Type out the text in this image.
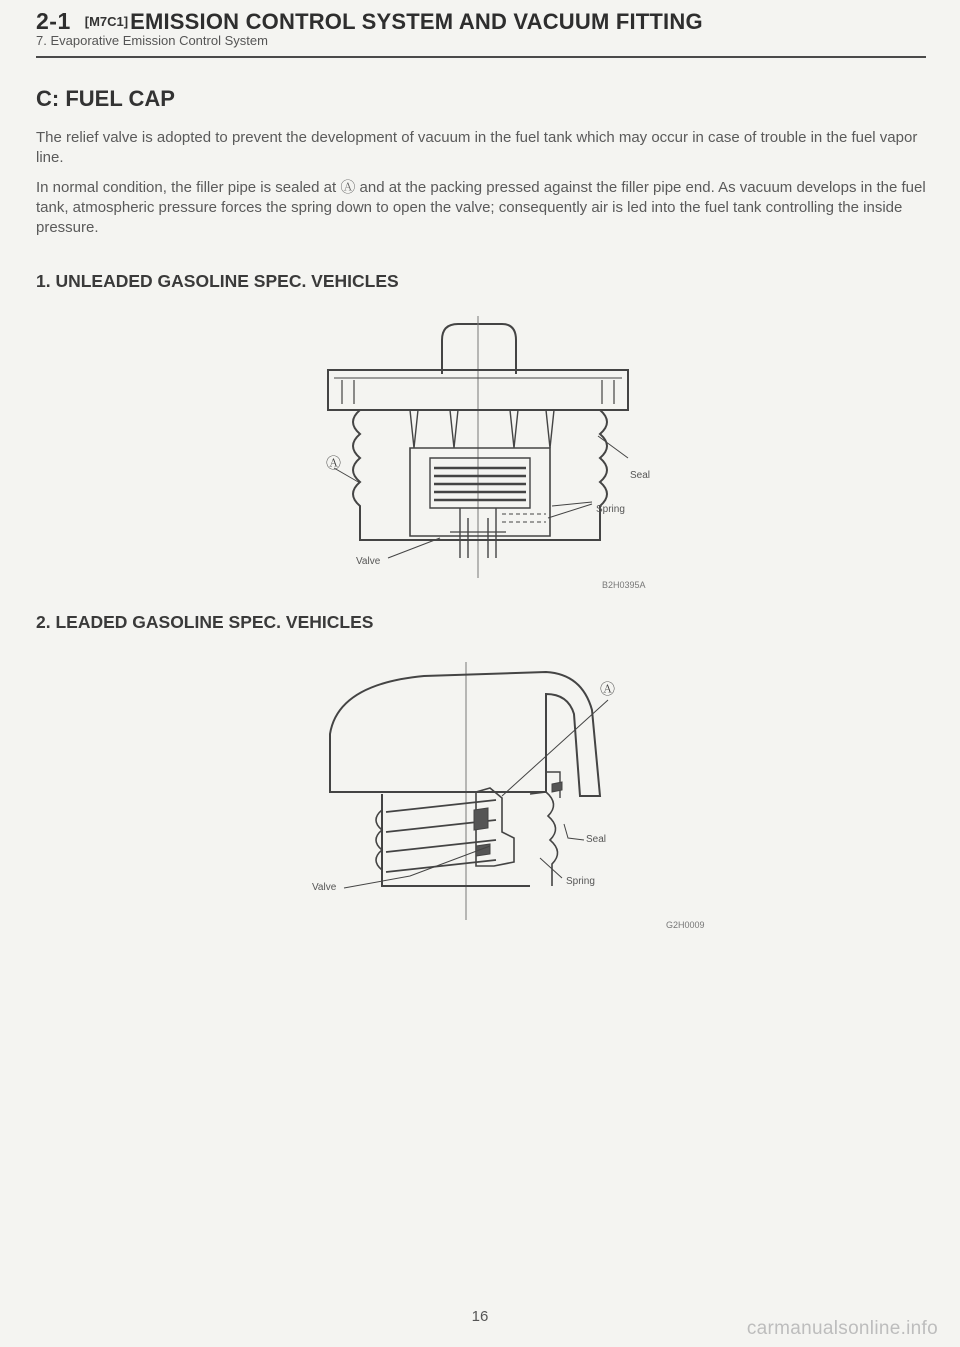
2-1 [M7C1] EMISSION CONTROL SYSTEM AND VACUUM FITTING
7. Evaporative Emission Control System
C: FUEL CAP

The relief valve is adopted to prevent the development of vacuum in the fuel tank which may occur in case of trouble in the fuel vapor line.

In normal condition, the filler pipe is sealed at Ⓐ and at the packing pressed against the filler pipe end. As vacuum develops in the fuel tank, atmospheric pressure forces the spring down to open the valve; consequently air is led into the fuel tank controlling the inside pressure.

1. UNLEADED GASOLINE SPEC. VEHICLES
Ⓐ
Seal
Spring
Valve
B2H0395A
2. LEADED GASOLINE SPEC. VEHICLES
Ⓐ
Seal
Spring
Valve
G2H0009
16
carmanualsonline.info
